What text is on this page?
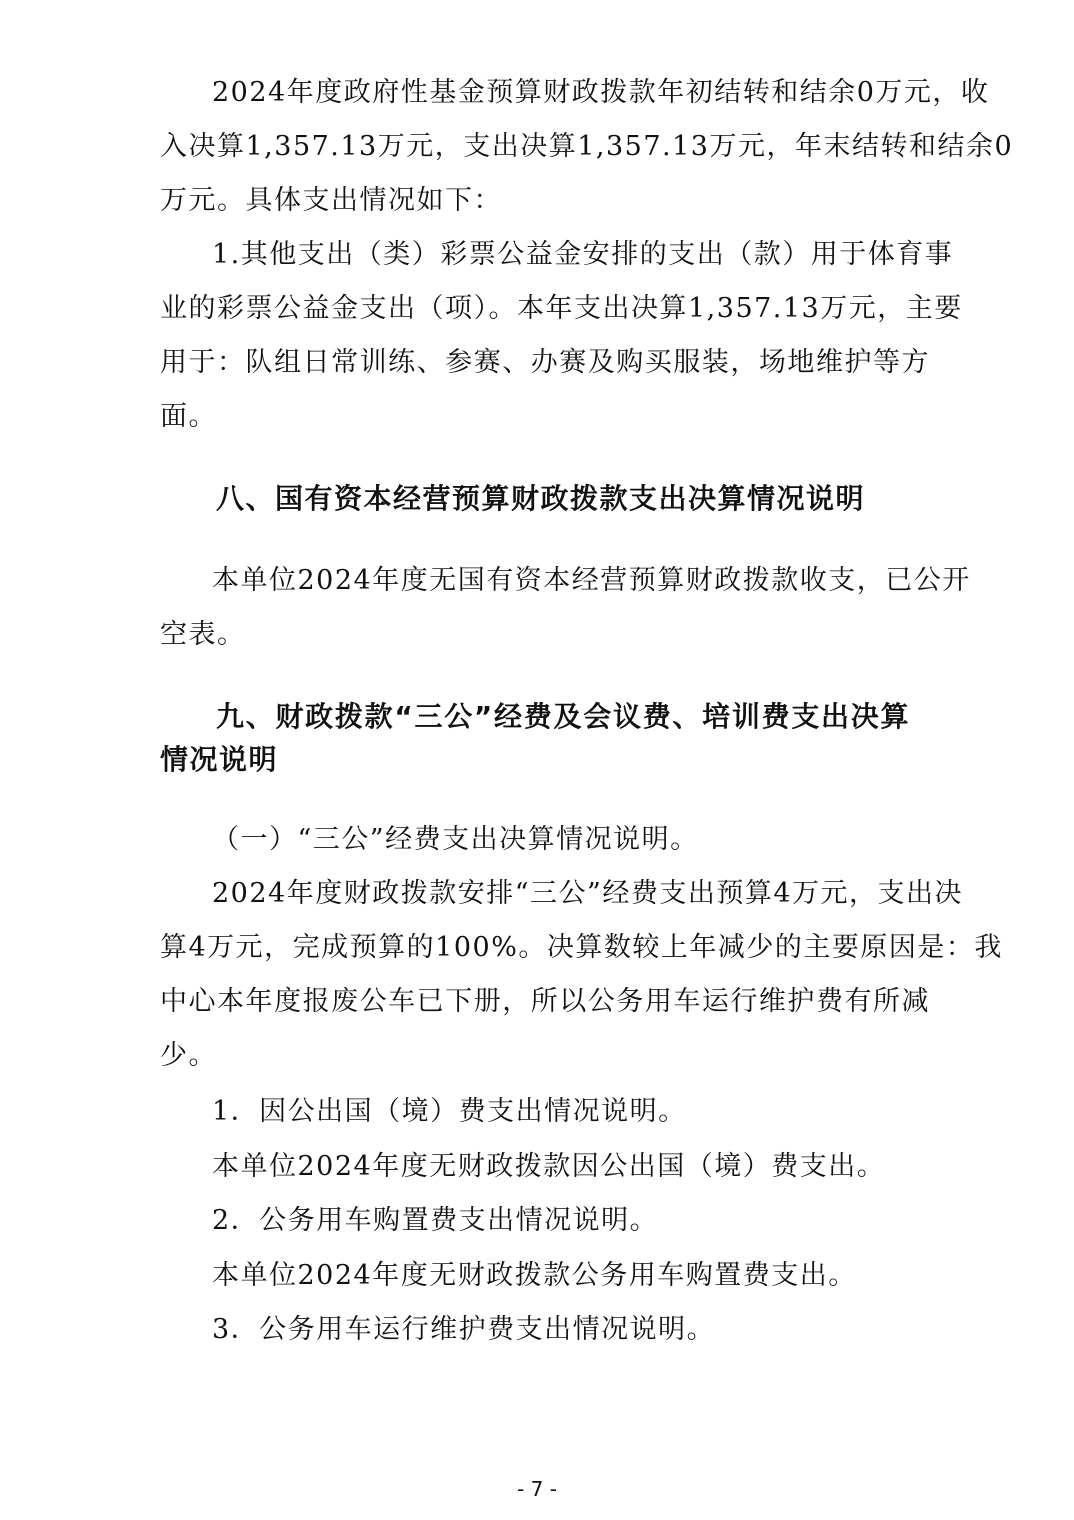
2024年度政府性基金预算财政拨款年初结转和结余0万元，收
入决算1,357.13万元，支出决算1,357.13万元，年末结转和结余0
万元。具体支出情况如下：
1.其他支出（类）彩票公益金安排的支出（款）用于体育事
业的彩票公益金支出（项）。本年支出决算1,357.13万元，主要
用于：队组日常训练、参赛、办赛及购买服装，场地维护等方
面。
八、国有资本经营预算财政拨款支出决算情况说明
本单位2024年度无国有资本经营预算财政拨款收支，已公开
空表。
九、财政拨款“三公”经费及会议费、培训费支出决算
情况说明
（一）“三公”经费支出决算情况说明。
2024年度财政拨款安排“三公”经费支出预算4万元，支出决
算4万元，完成预算的100%。决算数较上年减少的主要原因是：我
中心本年度报废公车已下册，所以公务用车运行维护费有所减
少。
1．因公出国（境）费支出情况说明。
本单位2024年度无财政拨款因公出国（境）费支出。
2．公务用车购置费支出情况说明。
本单位2024年度无财政拨款公务用车购置费支出。
3．公务用车运行维护费支出情况说明。
- 7 -
